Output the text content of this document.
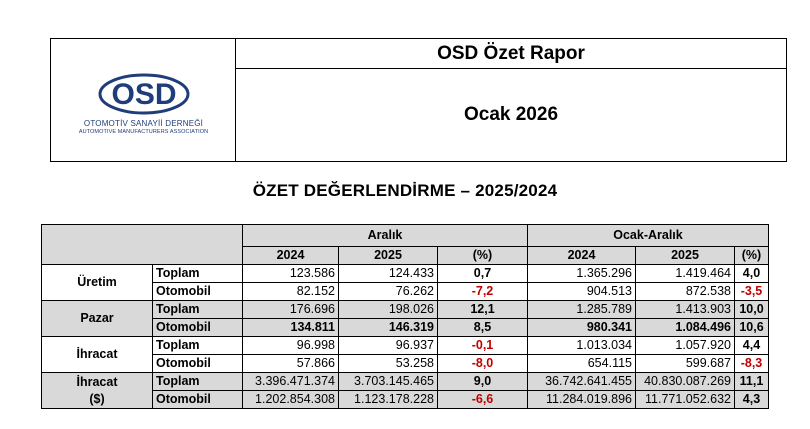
OSD
OTOMOTİV SANAYİİ DERNEĞİ
AUTOMOTIVE MANUFACTURERS ASSOCIATION
OSD Özet Rapor
Ocak 2026
ÖZET DEĞERLENDİRME – 2025/2024
		Aralık			Ocak-Aralık		
		2024	2025	(%)	2024	2025	(%)

Üretim	Toplam	123.586	124.433	0,7	1.365.296	1.419.464	4,0
	Otomobil	82.152	76.262	-7,2	904.513	872.538	-3,5

Pazar	Toplam	176.696	198.026	12,1	1.285.789	1.413.903	10,0
	Otomobil	134.811	146.319	8,5	980.341	1.084.496	10,6

İhracat	Toplam	96.998	96.937	-0,1	1.013.034	1.057.920	4,4
	Otomobil	57.866	53.258	-8,0	654.115	599.687	-8,3

İhracat
($)	Toplam	3.396.471.374	3.703.145.465	9,0	36.742.641.455	40.830.087.269	11,1
	Otomobil	1.202.854.308	1.123.178.228	-6,6	11.284.019.896	11.771.052.632	4,3
